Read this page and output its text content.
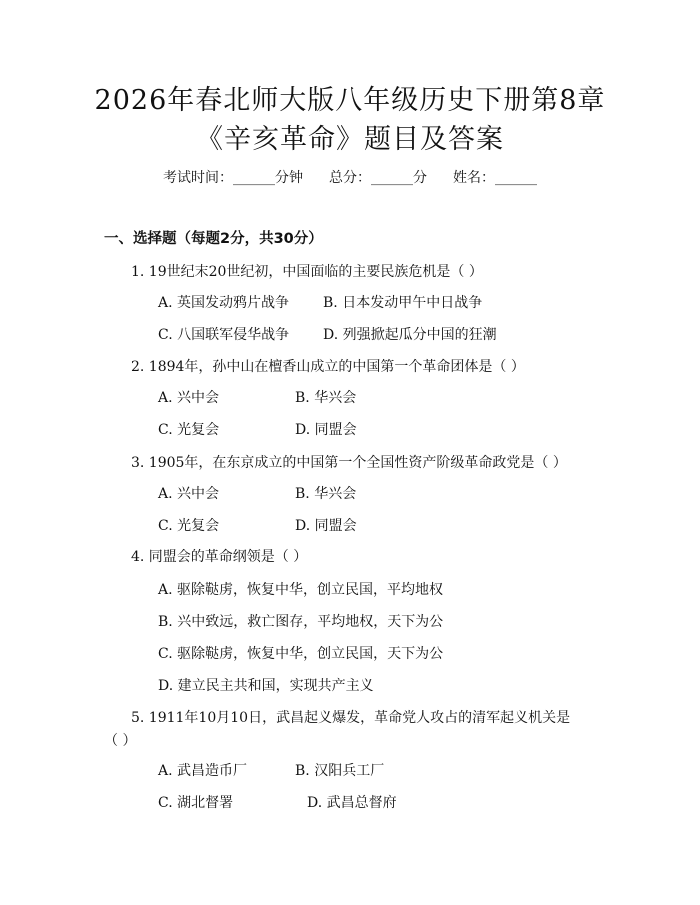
2026年春北师大版八年级历史下册第8章
《辛亥革命》题目及答案
考试时间：______分钟 总分：______分 姓名：______
一、选择题（每题2分，共30分）
1. 19世纪末20世纪初，中国面临的主要民族危机是（ ）
A. 英国发动鸦片战争 B. 日本发动甲午中日战争
C. 八国联军侵华战争 D. 列强掀起瓜分中国的狂潮
2. 1894年，孙中山在檀香山成立的中国第一个革命团体是（ ）
A. 兴中会	B. 华兴会
C. 光复会	D. 同盟会
3. 1905年，在东京成立的中国第一个全国性资产阶级革命政党是（ ）
A. 兴中会	B. 华兴会
C. 光复会	D. 同盟会
4. 同盟会的革命纲领是（ ）
A. 驱除鞑虏，恢复中华，创立民国，平均地权
B. 兴中致远，救亡图存，平均地权，天下为公
C. 驱除鞑虏，恢复中华，创立民国，天下为公
D. 建立民主共和国，实现共产主义
5. 1911年10月10日，武昌起义爆发，革命党人攻占的清军起义机关是
（ ）
A. 武昌造币厂	B. 汉阳兵工厂
C. 湖北督署	D. 武昌总督府
